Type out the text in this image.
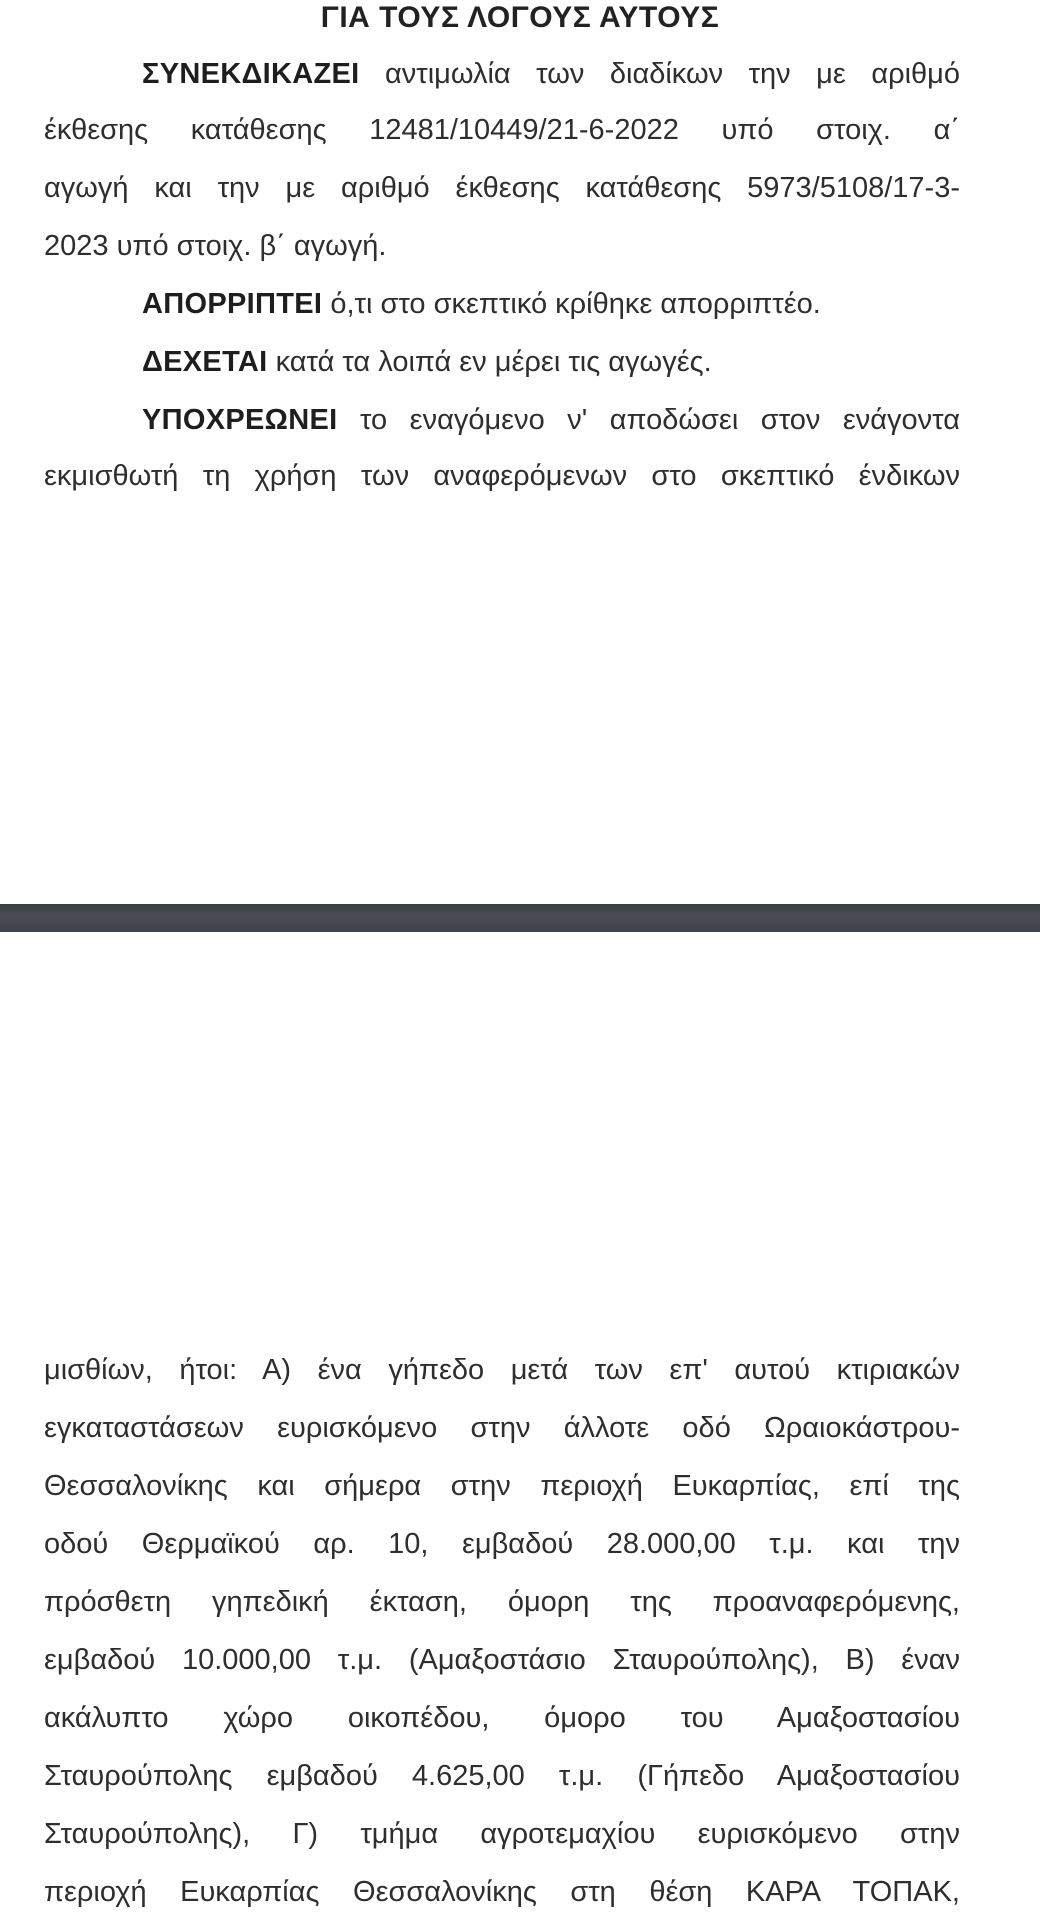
ΓΙΑ ΤΟΥΣ ΛΟΓΟΥΣ ΑΥΤΟΥΣ
ΣΥΝΕΚΔΙΚΑΖΕΙ αντιμωλία των διαδίκων την με αριθμό
έκθεσης κατάθεσης 12481/10449/21-6-2022 υπό στοιχ. α΄
αγωγή και την με αριθμό έκθεσης κατάθεσης 5973/5108/17-3-
2023 υπό στοιχ. β΄ αγωγή.
ΑΠΟΡΡΙΠΤΕΙ ό,τι στο σκεπτικό κρίθηκε απορριπτέο.
ΔΕΧΕΤΑΙ κατά τα λοιπά εν μέρει τις αγωγές.
ΥΠΟΧΡΕΩΝΕΙ το εναγόμενο ν' αποδώσει στον ενάγοντα
εκμισθωτή τη χρήση των αναφερόμενων στο σκεπτικό ένδικων
μισθίων, ήτοι: Α) ένα γήπεδο μετά των επ' αυτού κτιριακών
εγκαταστάσεων ευρισκόμενο στην άλλοτε οδό Ωραιοκάστρου-
Θεσσαλονίκης και σήμερα στην περιοχή Ευκαρπίας, επί της
οδού Θερμαϊκού αρ. 10, εμβαδού 28.000,00 τ.μ. και την
πρόσθετη γηπεδική έκταση, όμορη της προαναφερόμενης,
εμβαδού 10.000,00 τ.μ. (Αμαξοστάσιο Σταυρούπολης), Β) έναν
ακάλυπτο χώρο οικοπέδου, όμορο του Αμαξοστασίου
Σταυρούπολης εμβαδού 4.625,00 τ.μ. (Γήπεδο Αμαξοστασίου
Σταυρούπολης), Γ) τμήμα αγροτεμαχίου ευρισκόμενο στην
περιοχή Ευκαρπίας Θεσσαλονίκης στη θέση ΚΑΡΑ ΤΟΠΑΚ,
